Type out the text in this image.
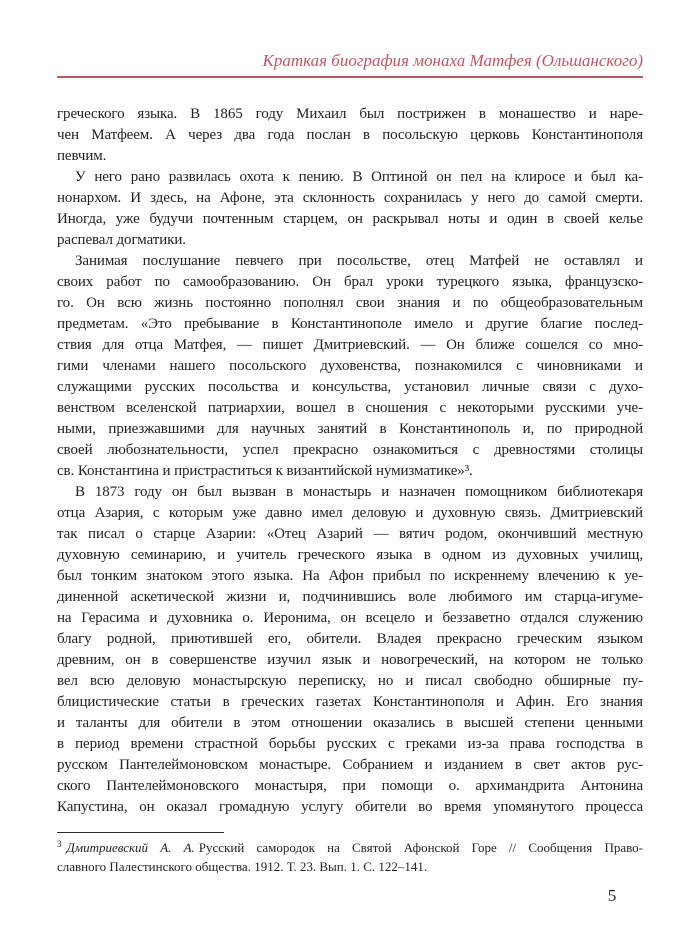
Краткая биография монаха Матфея (Ольшанского)
греческого языка. В 1865 году Михаил был пострижен в монашество и наре-
чен Матфеем. А через два года послан в посольскую церковь Константинополя
певчим.
У него рано развилась охота к пению. В Оптиной он пел на клиросе и был ка-
нонархом. И здесь, на Афоне, эта склонность сохранилась у него до самой смерти.
Иногда, уже будучи почтенным старцем, он раскрывал ноты и один в своей келье
распевал догматики.
Занимая послушание певчего при посольстве, отец Матфей не оставлял и
своих работ по самообразованию. Он брал уроки турецкого языка, французско-
го. Он всю жизнь постоянно пополнял свои знания и по общеобразовательным
предметам. «Это пребывание в Константинополе имело и другие благие послед-
ствия для отца Матфея, — пишет Дмитриевский. — Он ближе сошелся со мно-
гими членами нашего посольского духовенства, познакомился с чиновниками и
служащими русских посольства и консульства, установил личные связи с духо-
венством вселенской патриархии, вошел в сношения с некоторыми русскими уче-
ными, приезжавшими для научных занятий в Константинополь и, по природной
своей любознательности, успел прекрасно ознакомиться с древностями столицы
св. Константина и пристраститься к византийской нумизматике»³.
В 1873 году он был вызван в монастырь и назначен помощником библиотекаря
отца Азария, с которым уже давно имел деловую и духовную связь. Дмитриевский
так писал о старце Азарии: «Отец Азарий — вятич родом, окончивший местную
духовную семинарию, и учитель греческого языка в одном из духовных училищ,
был тонким знатоком этого языка. На Афон прибыл по искреннему влечению к уе-
диненной аскетической жизни и, подчинившись воле любимого им старца-игуме-
на Герасима и духовника о. Иеронима, он всецело и беззаветно отдался служению
благу родной, приютившей его, обители. Владея прекрасно греческим языком
древним, он в совершенстве изучил язык и новогреческий, на котором не только
вел всю деловую монастырскую переписку, но и писал свободно обширные пу-
блицистические статьи в греческих газетах Константинополя и Афин. Его знания
и таланты для обители в этом отношении оказались в высшей степени ценными
в период времени страстной борьбы русских с греками из-за права господства в
русском Пантелеймоновском монастыре. Собранием и изданием в свет актов рус-
ского Пантелеймоновского монастыря, при помощи о. архимандрита Антонина
Капустина, он оказал громадную услугу обители во время упомянутого процесса
$^3$ Дмитриевский А. А. Русский самородок на Святой Афонской Горе // Сообщения Право-
славного Палестинского общества. 1912. Т. 23. Вып. 1. С. 122–141.
5
